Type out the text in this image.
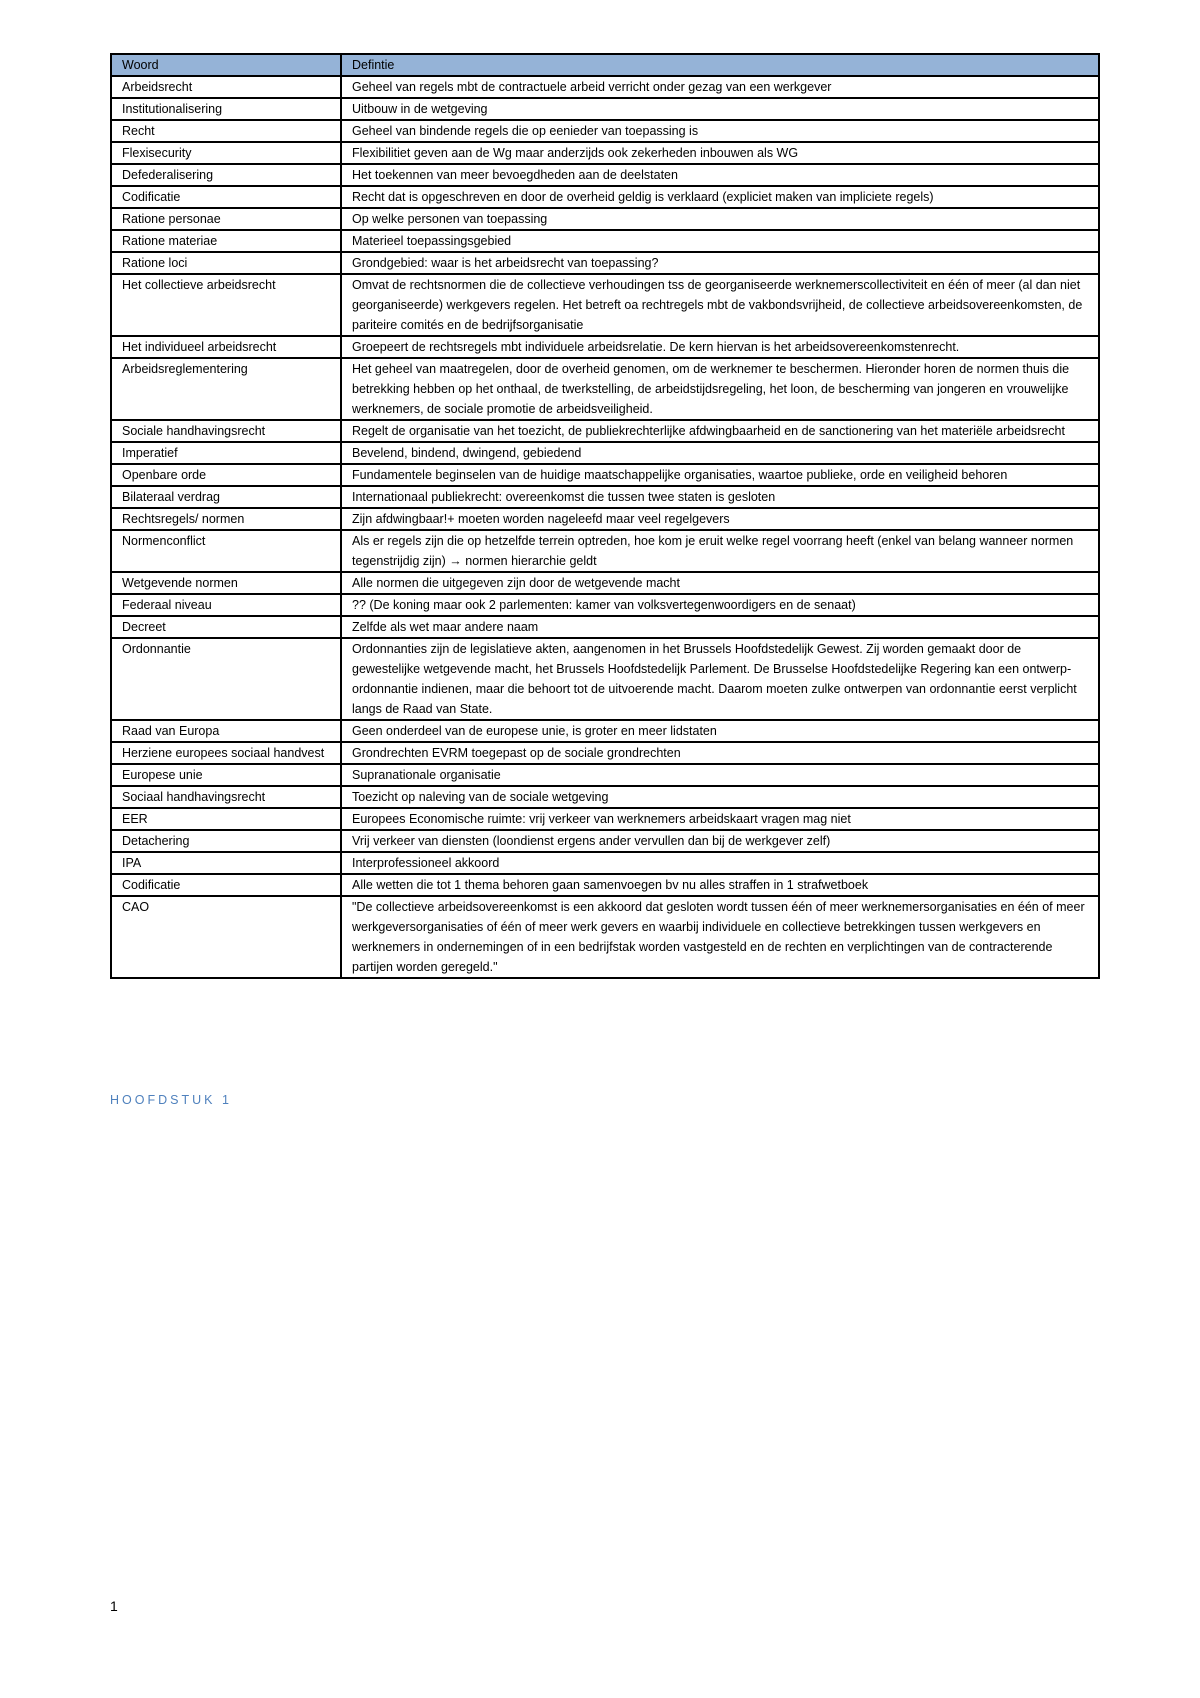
Woord	Defintie
Arbeidsrecht	Geheel van regels mbt de contractuele arbeid verricht onder gezag van een werkgever
Institutionalisering	Uitbouw in de wetgeving
Recht	Geheel van bindende regels die op eenieder van toepassing is
Flexisecurity	Flexibilitiet geven aan de Wg maar anderzijds ook zekerheden inbouwen als WG
Defederalisering	Het toekennen van meer bevoegdheden aan de deelstaten
Codificatie	Recht dat is opgeschreven en door de overheid geldig is verklaard (expliciet maken van impliciete regels)
Ratione personae	Op welke personen van toepassing
Ratione materiae	Materieel toepassingsgebied
Ratione loci	Grondgebied: waar is het arbeidsrecht van toepassing?
Het collectieve arbeidsrecht	Omvat de rechtsnormen die de collectieve verhoudingen tss de georganiseerde werknemerscollectiviteit en één of meer (al dan niet georganiseerde) werkgevers regelen. Het betreft oa rechtregels mbt de vakbondsvrijheid, de collectieve arbeidsovereenkomsten, de pariteire comités en de bedrijfsorganisatie
Het individueel arbeidsrecht	Groepeert de rechtsregels mbt individuele arbeidsrelatie. De kern hiervan is het arbeidsovereenkomstenrecht.
Arbeidsreglementering	Het geheel van maatregelen, door de overheid genomen, om de werknemer te beschermen. Hieronder horen de normen thuis die betrekking hebben op het onthaal, de twerkstelling, de arbeidstijdsregeling, het loon, de bescherming van jongeren en vrouwelijke werknemers, de sociale promotie de arbeidsveiligheid.
Sociale handhavingsrecht	Regelt de organisatie van het toezicht, de publiekrechterlijke afdwingbaarheid en de sanctionering van het materiële arbeidsrecht
Imperatief	Bevelend, bindend, dwingend, gebiedend
Openbare orde	Fundamentele beginselen van de huidige maatschappelijke organisaties, waartoe publieke, orde en veiligheid behoren
Bilateraal verdrag	Internationaal publiekrecht: overeenkomst die tussen twee staten is gesloten
Rechtsregels/ normen	Zijn afdwingbaar!+ moeten worden nageleefd maar veel regelgevers
Normenconflict	Als er regels zijn die op hetzelfde terrein optreden, hoe kom je eruit welke regel voorrang heeft (enkel van belang wanneer normen tegenstrijdig zijn) → normen hierarchie geldt
Wetgevende normen	Alle normen die uitgegeven zijn door de wetgevende macht
Federaal niveau	?? (De koning maar ook 2 parlementen: kamer van volksvertegenwoordigers en de senaat)
Decreet	Zelfde als wet maar andere naam
Ordonnantie	Ordonnanties zijn de legislatieve akten, aangenomen in het Brussels Hoofdstedelijk Gewest. Zij worden gemaakt door de gewestelijke wetgevende macht, het Brussels Hoofdstedelijk Parlement. De Brusselse Hoofdstedelijke Regering kan een ontwerp-ordonnantie indienen, maar die behoort tot de uitvoerende macht. Daarom moeten zulke ontwerpen van ordonnantie eerst verplicht langs de Raad van State.
Raad van Europa	Geen onderdeel van de europese unie, is groter en meer lidstaten
Herziene europees sociaal handvest	Grondrechten EVRM toegepast op de sociale grondrechten
Europese unie	Supranationale organisatie
Sociaal handhavingsrecht	Toezicht op naleving van de sociale wetgeving
EER	Europees Economische ruimte: vrij verkeer van werknemers arbeidskaart vragen mag niet
Detachering	Vrij verkeer van diensten (loondienst ergens ander vervullen dan bij de werkgever zelf)
IPA	Interprofessioneel akkoord
Codificatie	Alle wetten die tot 1 thema behoren gaan samenvoegen bv nu alles straffen in 1 strafwetboek
CAO	"De collectieve arbeidsovereenkomst is een akkoord dat gesloten wordt tussen één of meer werknemersorganisaties en één of meer werkgeversorganisaties of één of meer werk gevers en waarbij individuele en collectieve betrekkingen tussen werkgevers en werknemers in ondernemingen of in een bedrijfstak worden vastgesteld en de rechten en verplichtingen van de contracterende partijen worden geregeld."
HOOFDSTUK 1
1
